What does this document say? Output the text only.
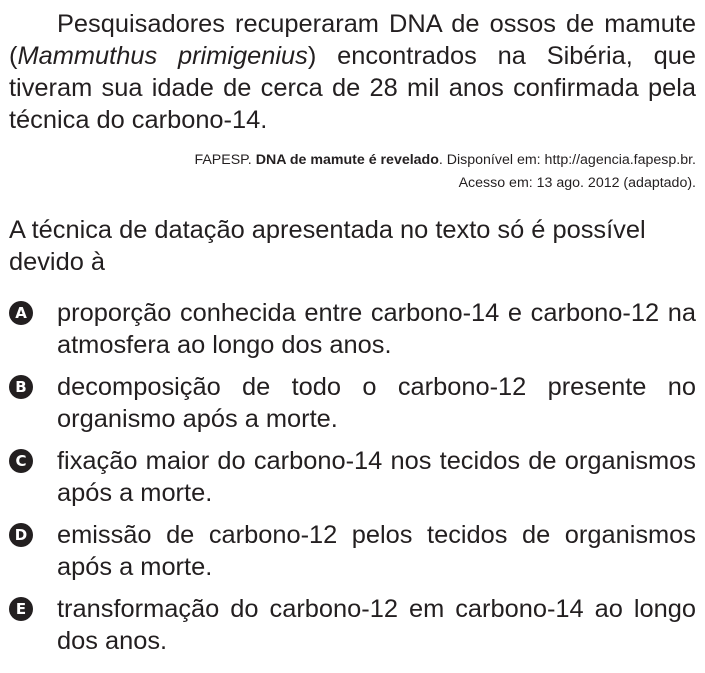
Pesquisadores recuperaram DNA de ossos de mamute (Mammuthus primigenius) encontrados na Sibéria, que tiveram sua idade de cerca de 28 mil anos confirmada pela técnica do carbono-14.

FAPESP. DNA de mamute é revelado. Disponível em: http://agencia.fapesp.br.
Acesso em: 13 ago. 2012 (adaptado).

A técnica de datação apresentada no texto só é possível devido à

A proporção conhecida entre carbono-14 e carbono-12 na atmosfera ao longo dos anos.
B decomposição de todo o carbono-12 presente no organismo após a morte.
C fixação maior do carbono-14 nos tecidos de organismos após a morte.
D emissão de carbono-12 pelos tecidos de organismos após a morte.
E transformação do carbono-12 em carbono-14 ao longo dos anos.
